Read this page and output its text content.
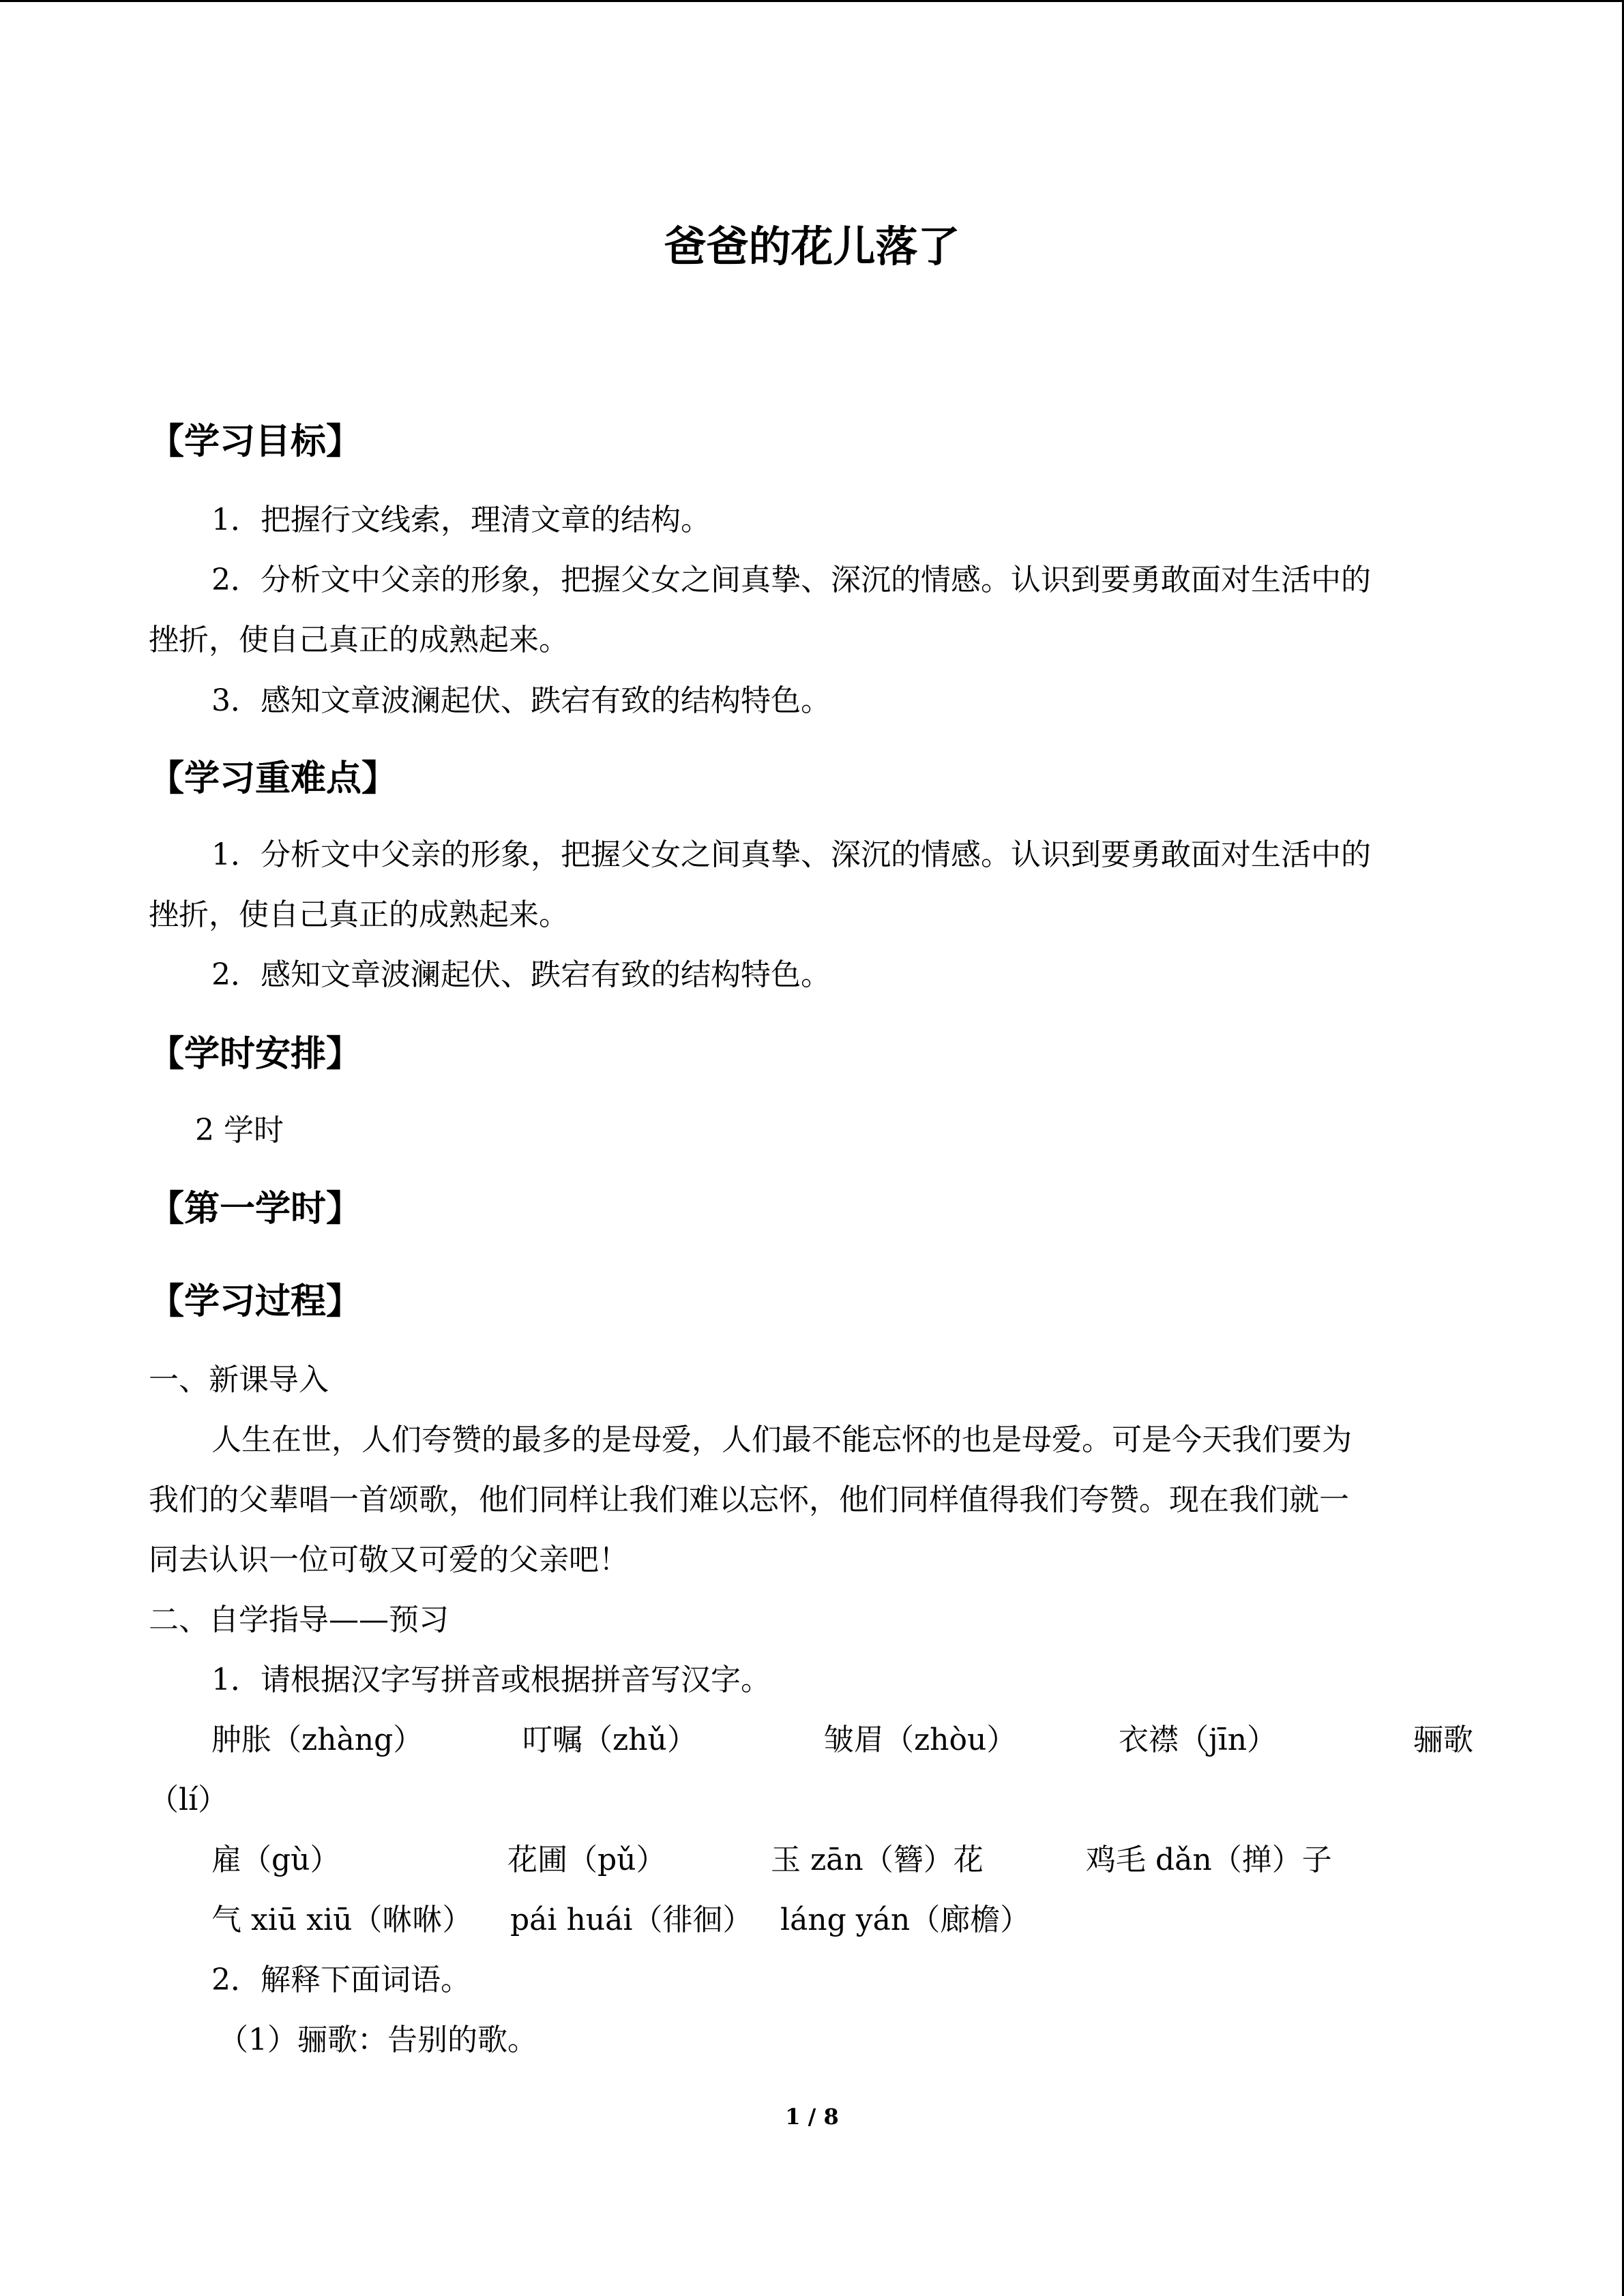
爸爸的花儿落了
【学习目标】
1．把握行文线索，理清文章的结构。
2．分析文中父亲的形象，把握父女之间真挚、深沉的情感。认识到要勇敢面对生活中的
挫折，使自己真正的成熟起来。
3．感知文章波澜起伏、跌宕有致的结构特色。
【学习重难点】
1．分析文中父亲的形象，把握父女之间真挚、深沉的情感。认识到要勇敢面对生活中的
挫折，使自己真正的成熟起来。
2．感知文章波澜起伏、跌宕有致的结构特色。
【学时安排】
2 学时
【第一学时】
【学习过程】
一、新课导入
人生在世，人们夸赞的最多的是母爱，人们最不能忘怀的也是母爱。可是今天我们要为
我们的父辈唱一首颂歌，他们同样让我们难以忘怀，他们同样值得我们夸赞。现在我们就一
同去认识一位可敬又可爱的父亲吧！
二、自学指导——预习
1．请根据汉字写拼音或根据拼音写汉字。
肿胀（zhàng）	叮嘱（zhǔ）	皱眉（zhòu）	衣襟（jīn）	骊歌
（lí）
雇（gù）	花圃（pǔ）	玉 zān（簪）花	鸡毛 dǎn（掸）子
气 xiū xiū（咻咻） pái huái（徘徊） láng yán（廊檐）
2．解释下面词语。
（1）骊歌：告别的歌。
1 / 8
